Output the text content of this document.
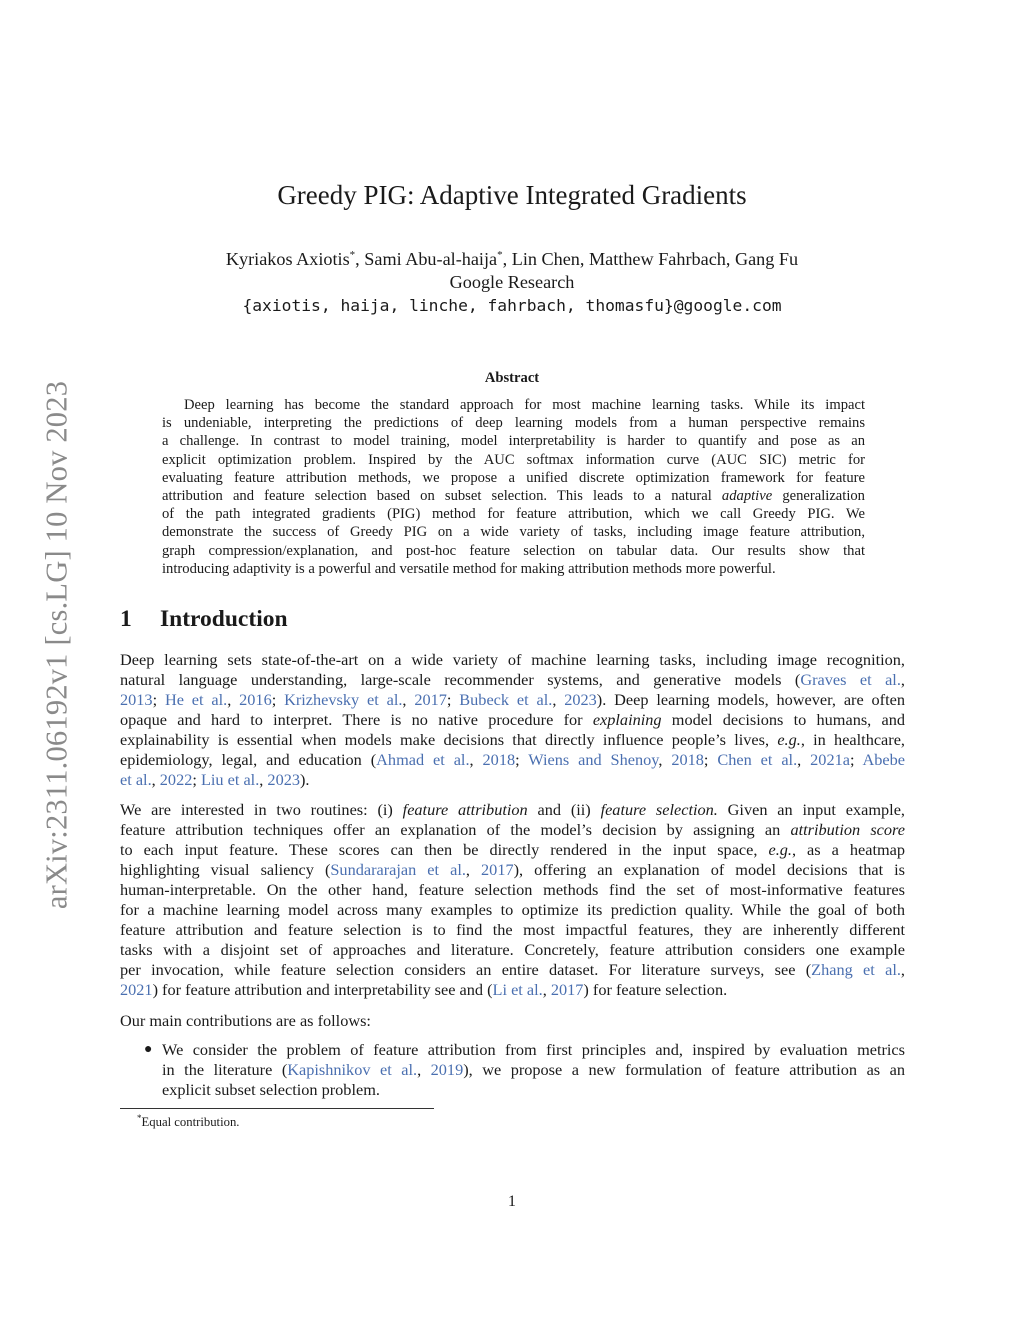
arXiv:2311.06192v1 [cs.LG] 10 Nov 2023
Greedy PIG: Adaptive Integrated Gradients
Kyriakos Axiotis*, Sami Abu-al-haija*, Lin Chen, Matthew Fahrbach, Gang Fu
Google Research
{axiotis, haija, linche, fahrbach, thomasfu}@google.com
Abstract
Deep learning has become the standard approach for most machine learning tasks. While its impact
is undeniable, interpreting the predictions of deep learning models from a human perspective remains
a challenge. In contrast to model training, model interpretability is harder to quantify and pose as an
explicit optimization problem. Inspired by the AUC softmax information curve (AUC SIC) metric for
evaluating feature attribution methods, we propose a unified discrete optimization framework for feature
attribution and feature selection based on subset selection. This leads to a natural adaptive generalization
of the path integrated gradients (PIG) method for feature attribution, which we call Greedy PIG. We
demonstrate the success of Greedy PIG on a wide variety of tasks, including image feature attribution,
graph compression/explanation, and post-hoc feature selection on tabular data. Our results show that
introducing adaptivity is a powerful and versatile method for making attribution methods more powerful.
1 Introduction
Deep learning sets state-of-the-art on a wide variety of machine learning tasks, including image recognition,
natural language understanding, large-scale recommender systems, and generative models (Graves et al.,
2013; He et al., 2016; Krizhevsky et al., 2017; Bubeck et al., 2023). Deep learning models, however, are often
opaque and hard to interpret. There is no native procedure for explaining model decisions to humans, and
explainability is essential when models make decisions that directly influence people’s lives, e.g., in healthcare,
epidemiology, legal, and education (Ahmad et al., 2018; Wiens and Shenoy, 2018; Chen et al., 2021a; Abebe
et al., 2022; Liu et al., 2023).
We are interested in two routines: (i) feature attribution and (ii) feature selection. Given an input example,
feature attribution techniques offer an explanation of the model’s decision by assigning an attribution score
to each input feature. These scores can then be directly rendered in the input space, e.g., as a heatmap
highlighting visual saliency (Sundararajan et al., 2017), offering an explanation of model decisions that is
human-interpretable. On the other hand, feature selection methods find the set of most-informative features
for a machine learning model across many examples to optimize its prediction quality. While the goal of both
feature attribution and feature selection is to find the most impactful features, they are inherently different
tasks with a disjoint set of approaches and literature. Concretely, feature attribution considers one example
per invocation, while feature selection considers an entire dataset. For literature surveys, see (Zhang et al.,
2021) for feature attribution and interpretability see and (Li et al., 2017) for feature selection.
Our main contributions are as follows:
● We consider the problem of feature attribution from first principles and, inspired by evaluation metrics
in the literature (Kapishnikov et al., 2019), we propose a new formulation of feature attribution as an
explicit subset selection problem.
*Equal contribution.
1
